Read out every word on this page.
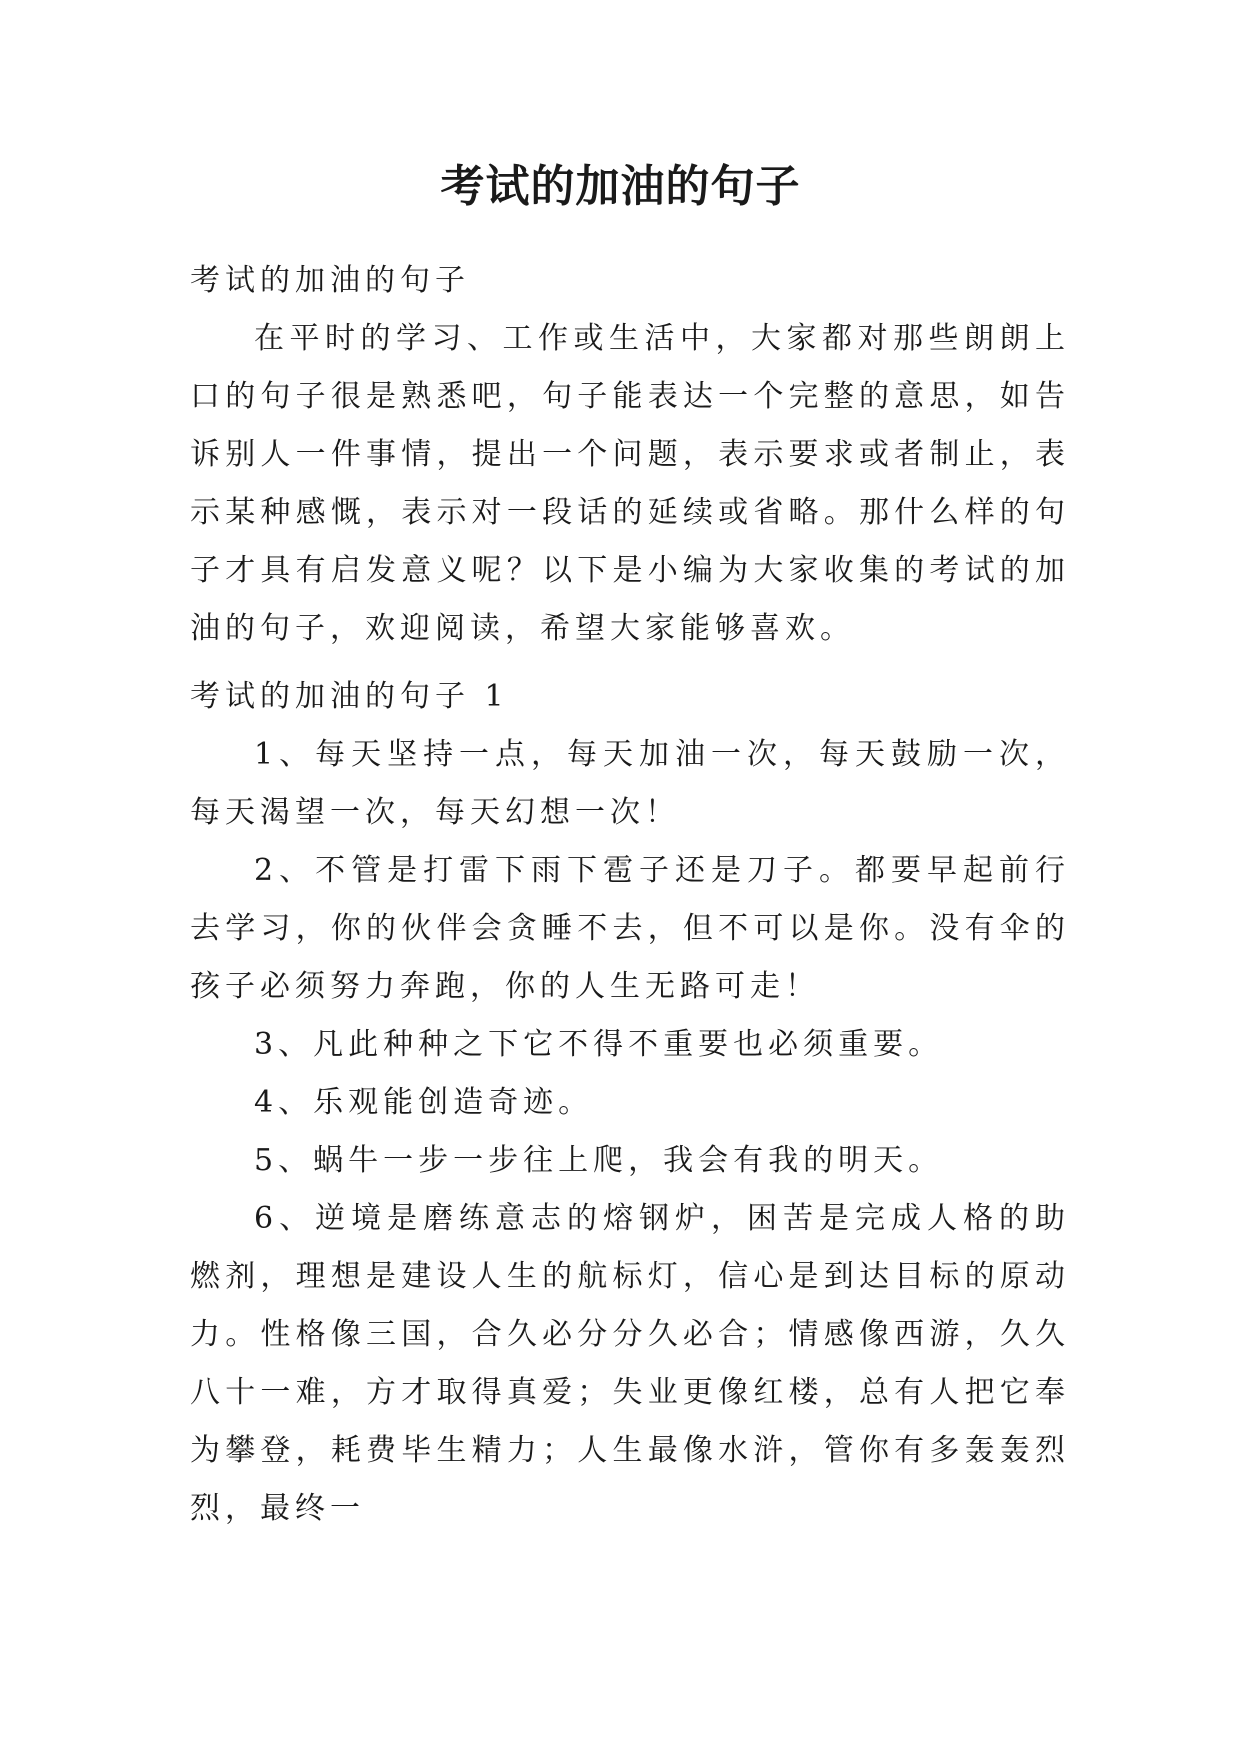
考试的加油的句子

考试的加油的句子

在平时的学习、工作或生活中，大家都对那些朗朗上口的句子很是熟悉吧，句子能表达一个完整的意思，如告诉别人一件事情，提出一个问题，表示要求或者制止，表示某种感慨，表示对一段话的延续或省略。那什么样的句子才具有启发意义呢？以下是小编为大家收集的考试的加油的句子，欢迎阅读，希望大家能够喜欢。

考试的加油的句子 1

1、每天坚持一点，每天加油一次，每天鼓励一次，每天渴望一次，每天幻想一次！

2、不管是打雷下雨下雹子还是刀子。都要早起前行去学习，你的伙伴会贪睡不去，但不可以是你。没有伞的孩子必须努力奔跑，你的人生无路可走！

3、凡此种种之下它不得不重要也必须重要。

4、乐观能创造奇迹。

5、蜗牛一步一步往上爬，我会有我的明天。

6、逆境是磨练意志的熔钢炉，困苦是完成人格的助燃剂，理想是建设人生的航标灯，信心是到达目标的原动力。性格像三国，合久必分分久必合；情感像西游，久久八十一难，方才取得真爱；失业更像红楼，总有人把它奉为攀登，耗费毕生精力；人生最像水浒，管你有多轰轰烈烈，最终一
